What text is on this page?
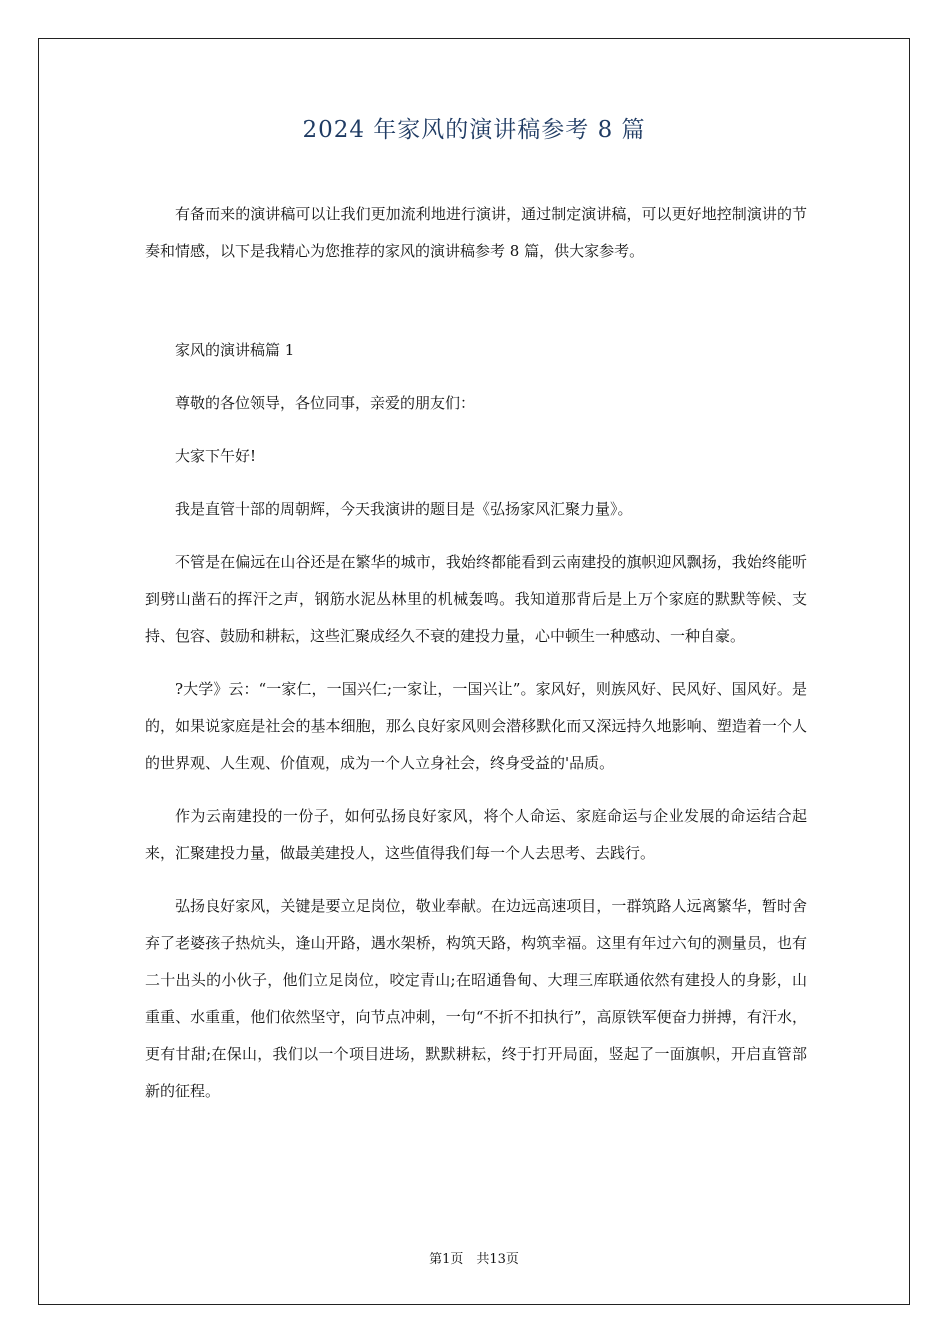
2024 年家风的演讲稿参考 8 篇

有备而来的演讲稿可以让我们更加流利地进行演讲，通过制定演讲稿，可以更好地控制演讲的节奏和情感，以下是我精心为您推荐的家风的演讲稿参考 8 篇，供大家参考。

家风的演讲稿篇 1

尊敬的各位领导，各位同事，亲爱的朋友们：

大家下午好!

我是直管十部的周朝辉，今天我演讲的题目是《弘扬家风汇聚力量》。

不管是在偏远在山谷还是在繁华的城市，我始终都能看到云南建投的旗帜迎风飘扬，我始终能听到劈山凿石的挥汗之声，钢筋水泥丛林里的机械轰鸣。我知道那背后是上万个家庭的默默等候、支持、包容、鼓励和耕耘，这些汇聚成经久不衰的建投力量，心中顿生一种感动、一种自豪。

?大学》云：“一家仁，一国兴仁;一家让，一国兴让”。家风好，则族风好、民风好、国风好。是的，如果说家庭是社会的基本细胞，那么良好家风则会潜移默化而又深远持久地影响、塑造着一个人的世界观、人生观、价值观，成为一个人立身社会，终身受益的'品质。

作为云南建投的一份子，如何弘扬良好家风，将个人命运、家庭命运与企业发展的命运结合起来，汇聚建投力量，做最美建投人，这些值得我们每一个人去思考、去践行。

弘扬良好家风，关键是要立足岗位，敬业奉献。在边远高速项目，一群筑路人远离繁华，暂时舍弃了老婆孩子热炕头，逢山开路，遇水架桥，构筑天路，构筑幸福。这里有年过六旬的测量员，也有二十出头的小伙子，他们立足岗位，咬定青山;在昭通鲁甸、大理三库联通依然有建投人的身影，山重重、水重重，他们依然坚守，向节点冲刺，一句“不折不扣执行”，高原铁军便奋力拼搏，有汗水，更有甘甜;在保山，我们以一个项目进场，默默耕耘，终于打开局面，竖起了一面旗帜，开启直管部新的征程。

第1页　共13页
